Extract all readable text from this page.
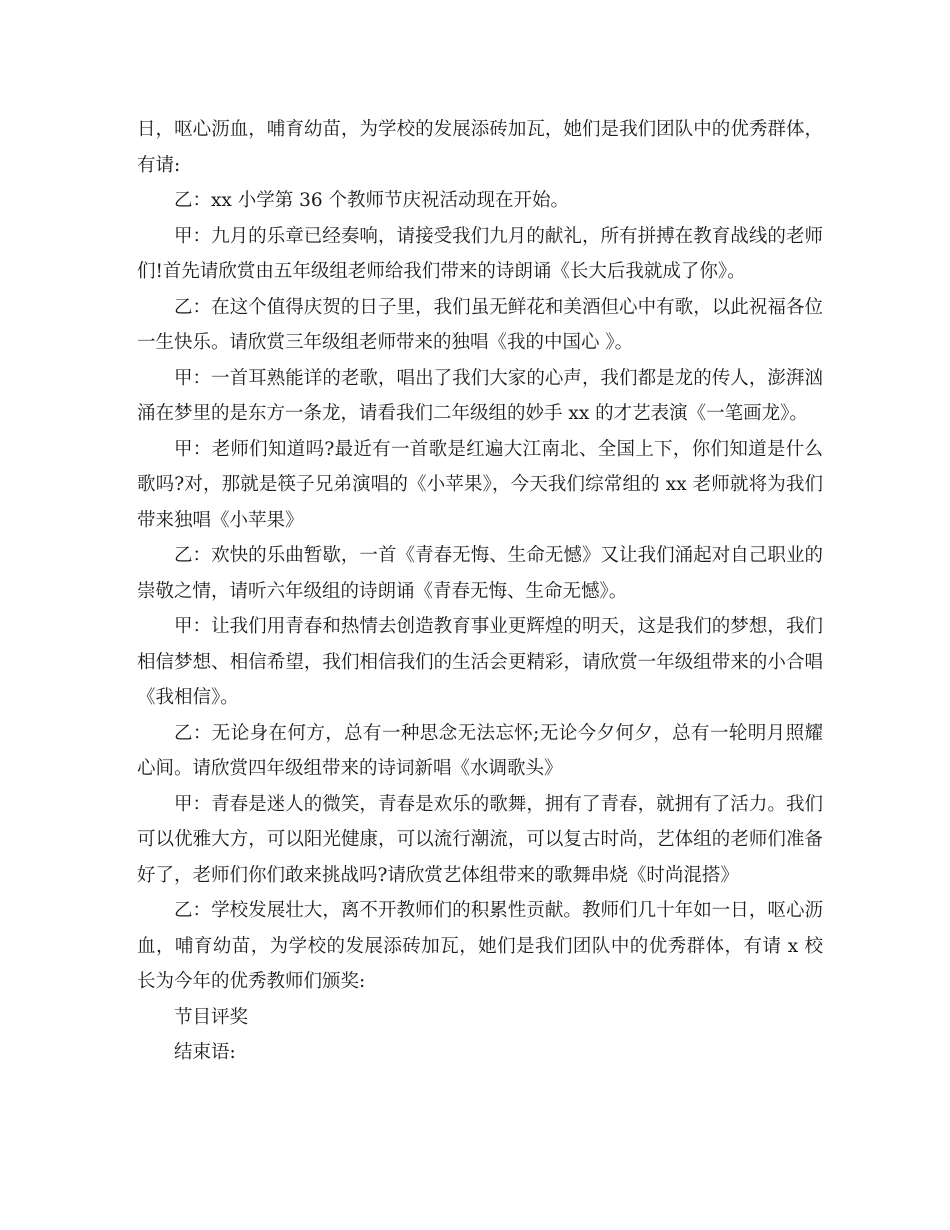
日，呕心沥血，哺育幼苗，为学校的发展添砖加瓦，她们是我们团队中的优秀群体，有请:

乙：xx 小学第 36 个教师节庆祝活动现在开始。

甲：九月的乐章已经奏响，请接受我们九月的献礼，所有拼搏在教育战线的老师们!首先请欣赏由五年级组老师给我们带来的诗朗诵《长大后我就成了你》。

乙：在这个值得庆贺的日子里，我们虽无鲜花和美酒但心中有歌，以此祝福各位一生快乐。请欣赏三年级组老师带来的独唱《我的中国心 》。

甲：一首耳熟能详的老歌，唱出了我们大家的心声，我们都是龙的传人，澎湃汹涌在梦里的是东方一条龙，请看我们二年级组的妙手 xx 的才艺表演《一笔画龙》。

甲：老师们知道吗?最近有一首歌是红遍大江南北、全国上下，你们知道是什么歌吗?对，那就是筷子兄弟演唱的《小苹果》，今天我们综常组的 xx 老师就将为我们带来独唱《小苹果》

乙：欢快的乐曲暂歇，一首《青春无悔、生命无憾》又让我们涌起对自己职业的崇敬之情，请听六年级组的诗朗诵《青春无悔、生命无憾》。

甲：让我们用青春和热情去创造教育事业更辉煌的明天，这是我们的梦想，我们相信梦想、相信希望，我们相信我们的生活会更精彩，请欣赏一年级组带来的小合唱《我相信》。

乙：无论身在何方，总有一种思念无法忘怀;无论今夕何夕，总有一轮明月照耀心间。请欣赏四年级组带来的诗词新唱《水调歌头》

甲：青春是迷人的微笑，青春是欢乐的歌舞，拥有了青春，就拥有了活力。我们可以优雅大方，可以阳光健康，可以流行潮流，可以复古时尚，艺体组的老师们准备好了，老师们你们敢来挑战吗?请欣赏艺体组带来的歌舞串烧《时尚混搭》

乙：学校发展壮大，离不开教师们的积累性贡献。教师们几十年如一日，呕心沥血，哺育幼苗，为学校的发展添砖加瓦，她们是我们团队中的优秀群体，有请 x 校长为今年的优秀教师们颁奖:

节目评奖

结束语:
